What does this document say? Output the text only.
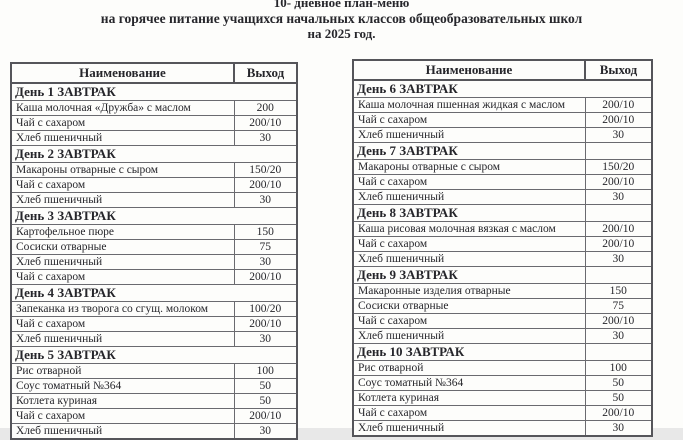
10- дневное план-меню
на горячее питание учащихся начальных классов общеобразовательных школ
на 2025 год.
Наименование	Выход
День 1 ЗАВТРАК	
Каша молочная «Дружба» с маслом	200
Чай с сахаром	200/10
Хлеб пшеничный	30
День 2 ЗАВТРАК	
Макароны отварные с сыром	150/20
Чай с сахаром	200/10
Хлеб пшеничный	30
День 3 ЗАВТРАК	
Картофельное пюре	150
Сосиски отварные	75
Хлеб пшеничный	30
Чай с сахаром	200/10
День 4 ЗАВТРАК	
Запеканка из творога со сгущ. молоком	100/20
Чай с сахаром	200/10
Хлеб пшеничный	30
День 5 ЗАВТРАК	
Рис отварной	100
Соус томатный №364	50
Котлета куриная	50
Чай с сахаром	200/10
Хлеб пшеничный	30
Наименование	Выход
День 6 ЗАВТРАК	
Каша молочная пшенная жидкая с маслом	200/10
Чай с сахаром	200/10
Хлеб пшеничный	30
День 7 ЗАВТРАК	
Макароны отварные с сыром	150/20
Чай с сахаром	200/10
Хлеб пшеничный	30
День 8 ЗАВТРАК	
Каша рисовая молочная вязкая с маслом	200/10
Чай с сахаром	200/10
Хлеб пшеничный	30
День 9 ЗАВТРАК	
Макаронные изделия отварные	150
Сосиски отварные	75
Чай с сахаром	200/10
Хлеб пшеничный	30
День 10 ЗАВТРАК	
Рис отварной	100
Соус томатный №364	50
Котлета куриная	50
Чай с сахаром	200/10
Хлеб пшеничный	30
